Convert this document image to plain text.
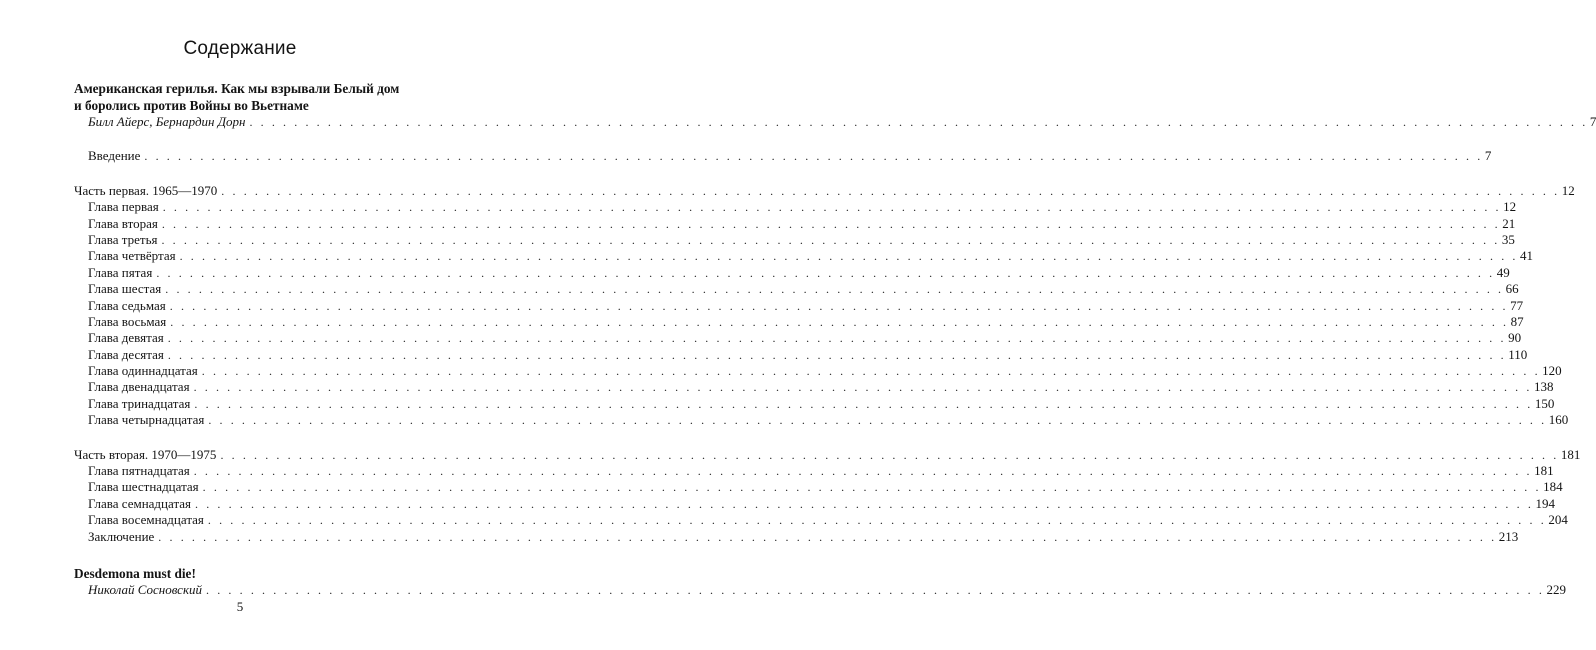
Содержание
Американская герилья. Как мы взрывали Белый дом
и боролись против Войны во Вьетнаме
Билл Айерс, Бернардин Дорн . . . . . . . . . . . . . . . . . . . . . . . . . . . . . . . . . . . . . . . . . . . . . . . . . . . . . . . . . . . . . . . . . . . . . . . . . . . . . . . . . . . . . . . . . . . . . . . . . . . . . . . . . . . . . . . . . . . . . . . . 7
Введение . . . . . . . . . . . . . . . . . . . . . . . . . . . . . . . . . . . . . . . . . . . . . . . . . . . . . . . . . . . . . . . . . . . . . . . . . . . . . . . . . . . . . . . . . . . . . . . . . . . . . . . . . . . . . . . . . . . . . . . . 7
Часть первая. 1965—1970 . . . . . . . . . . . . . . . . . . . . . . . . . . . . . . . . . . . . . . . . . . . . . . . . . . . . . . . . . . . . . . . . . . . . . . . . . . . . . . . . . . . . . . . . . . . . . . . . . . . . . . . . . . . . . . . . . . . . . . . . 12
Глава первая . . . . . . . . . . . . . . . . . . . . . . . . . . . . . . . . . . . . . . . . . . . . . . . . . . . . . . . . . . . . . . . . . . . . . . . . . . . . . . . . . . . . . . . . . . . . . . . . . . . . . . . . . . . . . . . . . . . . . . . . 12
Глава вторая . . . . . . . . . . . . . . . . . . . . . . . . . . . . . . . . . . . . . . . . . . . . . . . . . . . . . . . . . . . . . . . . . . . . . . . . . . . . . . . . . . . . . . . . . . . . . . . . . . . . . . . . . . . . . . . . . . . . . . . . 21
Глава третья . . . . . . . . . . . . . . . . . . . . . . . . . . . . . . . . . . . . . . . . . . . . . . . . . . . . . . . . . . . . . . . . . . . . . . . . . . . . . . . . . . . . . . . . . . . . . . . . . . . . . . . . . . . . . . . . . . . . . . . . 35
Глава четвёртая . . . . . . . . . . . . . . . . . . . . . . . . . . . . . . . . . . . . . . . . . . . . . . . . . . . . . . . . . . . . . . . . . . . . . . . . . . . . . . . . . . . . . . . . . . . . . . . . . . . . . . . . . . . . . . . . . . . . . . . . 41
Глава пятая . . . . . . . . . . . . . . . . . . . . . . . . . . . . . . . . . . . . . . . . . . . . . . . . . . . . . . . . . . . . . . . . . . . . . . . . . . . . . . . . . . . . . . . . . . . . . . . . . . . . . . . . . . . . . . . . . . . . . . . . 49
Глава шестая . . . . . . . . . . . . . . . . . . . . . . . . . . . . . . . . . . . . . . . . . . . . . . . . . . . . . . . . . . . . . . . . . . . . . . . . . . . . . . . . . . . . . . . . . . . . . . . . . . . . . . . . . . . . . . . . . . . . . . . . 66
Глава седьмая . . . . . . . . . . . . . . . . . . . . . . . . . . . . . . . . . . . . . . . . . . . . . . . . . . . . . . . . . . . . . . . . . . . . . . . . . . . . . . . . . . . . . . . . . . . . . . . . . . . . . . . . . . . . . . . . . . . . . . . . 77
Глава восьмая . . . . . . . . . . . . . . . . . . . . . . . . . . . . . . . . . . . . . . . . . . . . . . . . . . . . . . . . . . . . . . . . . . . . . . . . . . . . . . . . . . . . . . . . . . . . . . . . . . . . . . . . . . . . . . . . . . . . . . . . 87
Глава девятая . . . . . . . . . . . . . . . . . . . . . . . . . . . . . . . . . . . . . . . . . . . . . . . . . . . . . . . . . . . . . . . . . . . . . . . . . . . . . . . . . . . . . . . . . . . . . . . . . . . . . . . . . . . . . . . . . . . . . . . . 90
Глава десятая . . . . . . . . . . . . . . . . . . . . . . . . . . . . . . . . . . . . . . . . . . . . . . . . . . . . . . . . . . . . . . . . . . . . . . . . . . . . . . . . . . . . . . . . . . . . . . . . . . . . . . . . . . . . . . . . . . . . . . . . 110
Глава одиннадцатая . . . . . . . . . . . . . . . . . . . . . . . . . . . . . . . . . . . . . . . . . . . . . . . . . . . . . . . . . . . . . . . . . . . . . . . . . . . . . . . . . . . . . . . . . . . . . . . . . . . . . . . . . . . . . . . . . . . . . . . . 120
Глава двенадцатая . . . . . . . . . . . . . . . . . . . . . . . . . . . . . . . . . . . . . . . . . . . . . . . . . . . . . . . . . . . . . . . . . . . . . . . . . . . . . . . . . . . . . . . . . . . . . . . . . . . . . . . . . . . . . . . . . . . . . . . . 138
Глава тринадцатая . . . . . . . . . . . . . . . . . . . . . . . . . . . . . . . . . . . . . . . . . . . . . . . . . . . . . . . . . . . . . . . . . . . . . . . . . . . . . . . . . . . . . . . . . . . . . . . . . . . . . . . . . . . . . . . . . . . . . . . . 150
Глава четырнадцатая . . . . . . . . . . . . . . . . . . . . . . . . . . . . . . . . . . . . . . . . . . . . . . . . . . . . . . . . . . . . . . . . . . . . . . . . . . . . . . . . . . . . . . . . . . . . . . . . . . . . . . . . . . . . . . . . . . . . . . . . 160
Часть вторая. 1970—1975 . . . . . . . . . . . . . . . . . . . . . . . . . . . . . . . . . . . . . . . . . . . . . . . . . . . . . . . . . . . . . . . . . . . . . . . . . . . . . . . . . . . . . . . . . . . . . . . . . . . . . . . . . . . . . . . . . . . . . . . . 181
Глава пятнадцатая . . . . . . . . . . . . . . . . . . . . . . . . . . . . . . . . . . . . . . . . . . . . . . . . . . . . . . . . . . . . . . . . . . . . . . . . . . . . . . . . . . . . . . . . . . . . . . . . . . . . . . . . . . . . . . . . . . . . . . . . 181
Глава шестнадцатая . . . . . . . . . . . . . . . . . . . . . . . . . . . . . . . . . . . . . . . . . . . . . . . . . . . . . . . . . . . . . . . . . . . . . . . . . . . . . . . . . . . . . . . . . . . . . . . . . . . . . . . . . . . . . . . . . . . . . . . . 184
Глава семнадцатая . . . . . . . . . . . . . . . . . . . . . . . . . . . . . . . . . . . . . . . . . . . . . . . . . . . . . . . . . . . . . . . . . . . . . . . . . . . . . . . . . . . . . . . . . . . . . . . . . . . . . . . . . . . . . . . . . . . . . . . . 194
Глава восемнадцатая . . . . . . . . . . . . . . . . . . . . . . . . . . . . . . . . . . . . . . . . . . . . . . . . . . . . . . . . . . . . . . . . . . . . . . . . . . . . . . . . . . . . . . . . . . . . . . . . . . . . . . . . . . . . . . . . . . . . . . . . 204
Заключение . . . . . . . . . . . . . . . . . . . . . . . . . . . . . . . . . . . . . . . . . . . . . . . . . . . . . . . . . . . . . . . . . . . . . . . . . . . . . . . . . . . . . . . . . . . . . . . . . . . . . . . . . . . . . . . . . . . . . . . . 213
Desdemona must die!
Николай Сосновский . . . . . . . . . . . . . . . . . . . . . . . . . . . . . . . . . . . . . . . . . . . . . . . . . . . . . . . . . . . . . . . . . . . . . . . . . . . . . . . . . . . . . . . . . . . . . . . . . . . . . . . . . . . . . . . . . . . . . . . . 229
5
